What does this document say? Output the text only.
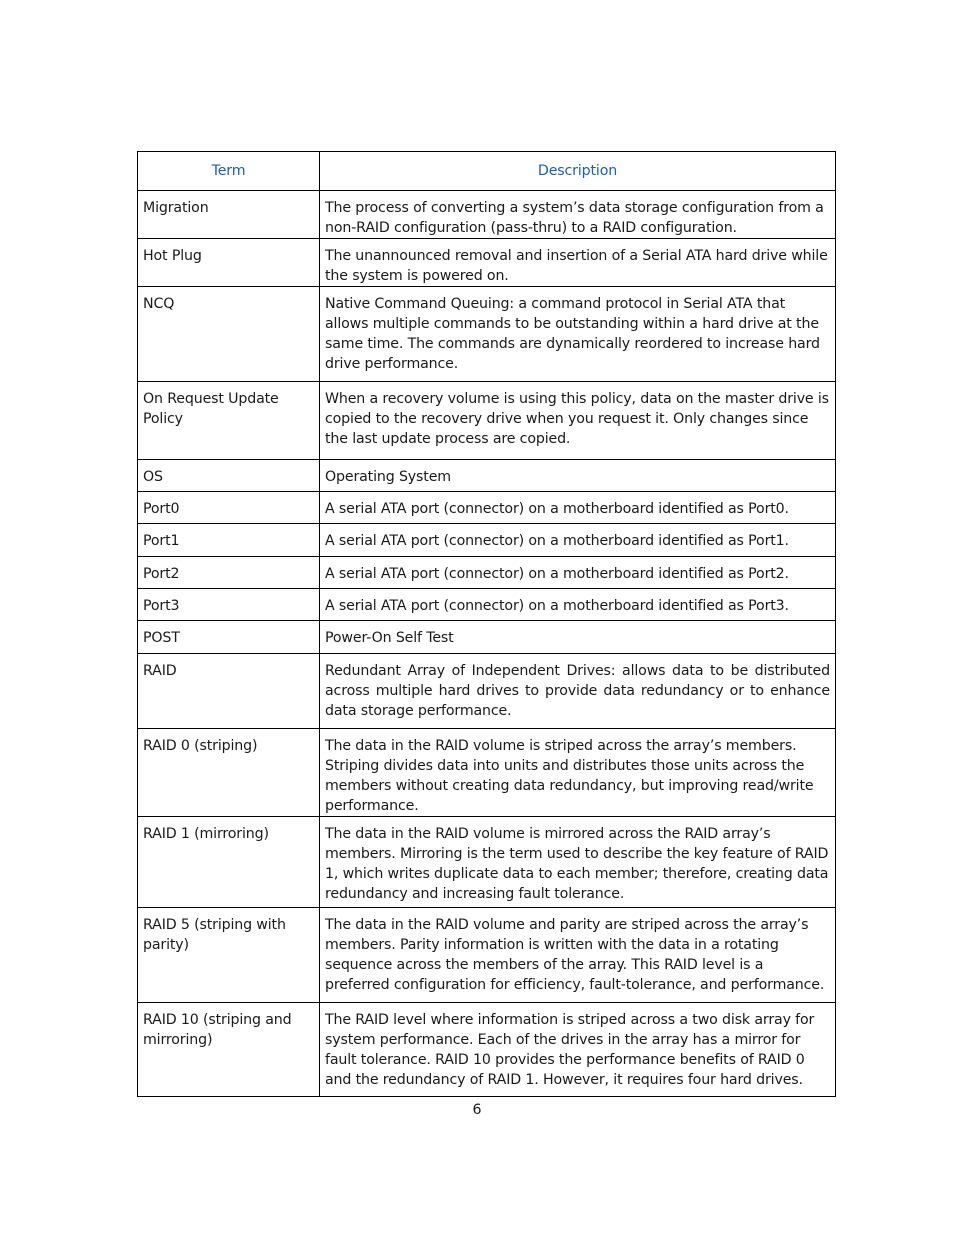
Term	Description
Migration	The process of converting a system’s data storage configuration from a non-RAID configuration (pass-thru) to a RAID configuration.
Hot Plug	The unannounced removal and insertion of a Serial ATA hard drive while the system is powered on.
NCQ	Native Command Queuing: a command protocol in Serial ATA that allows multiple commands to be outstanding within a hard drive at the same time. The commands are dynamically reordered to increase hard drive performance.
On Request Update Policy	When a recovery volume is using this policy, data on the master drive is copied to the recovery drive when you request it. Only changes since the last update process are copied.
OS	Operating System
Port0	A serial ATA port (connector) on a motherboard identified as Port0.
Port1	A serial ATA port (connector) on a motherboard identified as Port1.
Port2	A serial ATA port (connector) on a motherboard identified as Port2.
Port3	A serial ATA port (connector) on a motherboard identified as Port3.
POST	Power-On Self Test
RAID	Redundant Array of Independent Drives: allows data to be distributed across multiple hard drives to provide data redundancy or to enhance data storage performance.
RAID 0 (striping)	The data in the RAID volume is striped across the array’s members. Striping divides data into units and distributes those units across the members without creating data redundancy, but improving read/write performance.
RAID 1 (mirroring)	The data in the RAID volume is mirrored across the RAID array’s members. Mirroring is the term used to describe the key feature of RAID 1, which writes duplicate data to each member; therefore, creating data redundancy and increasing fault tolerance.
RAID 5 (striping with parity)	The data in the RAID volume and parity are striped across the array’s members. Parity information is written with the data in a rotating sequence across the members of the array. This RAID level is a preferred configuration for efficiency, fault-tolerance, and performance.
RAID 10 (striping and mirroring)	The RAID level where information is striped across a two disk array for system performance. Each of the drives in the array has a mirror for fault tolerance. RAID 10 provides the performance benefits of RAID 0 and the redundancy of RAID 1. However, it requires four hard drives.
6
